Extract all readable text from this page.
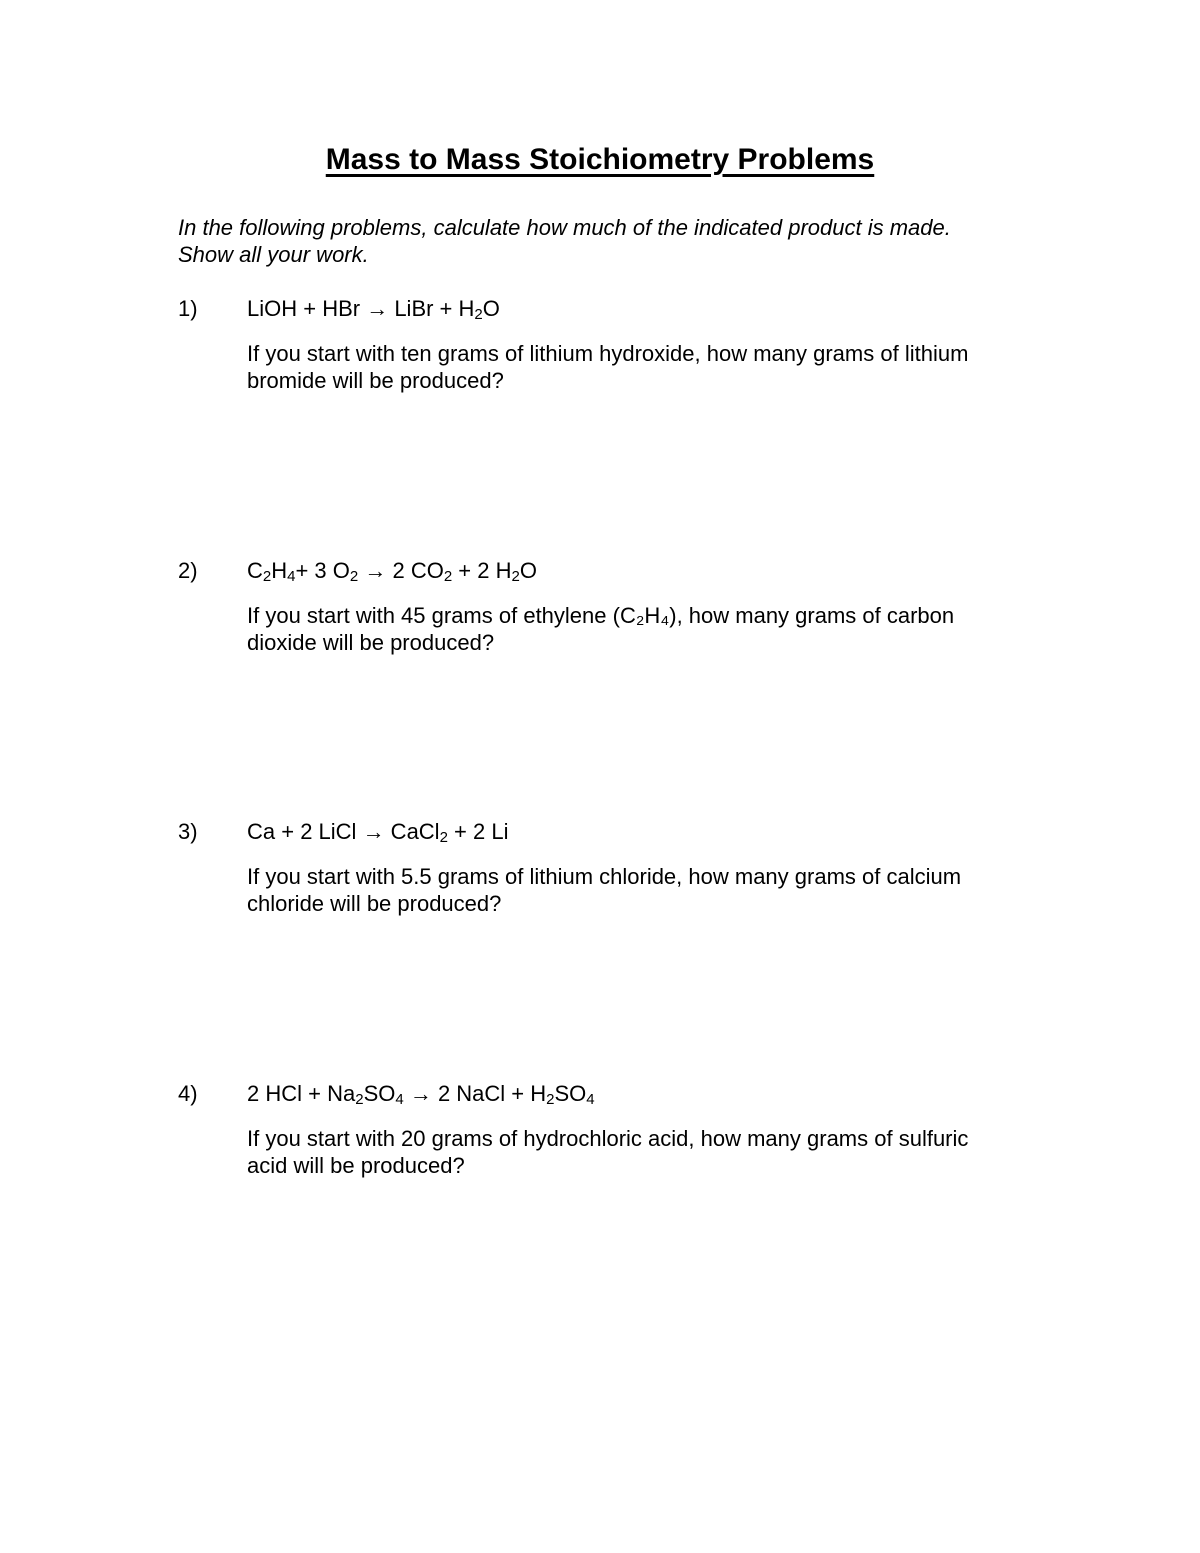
Mass to Mass Stoichiometry Problems
In the following problems, calculate how much of the indicated product is made.
Show all your work.
1) LiOH + HBr → LiBr + $H_2O$
If you start with ten grams of lithium hydroxide, how many grams of lithium
bromide will be produced?
2) $C_2H_4+ 3$ $O_2 \to 2$ $CO_2 + 2$ $H_2O$
If you start with 45 grams of ethylene (C₂H₄), how many grams of carbon
dioxide will be produced?
3) Ca + 2 LiCl → CaCl$_2$ + 2 Li
If you start with 5.5 grams of lithium chloride, how many grams of calcium
chloride will be produced?
4) 2 HCl + $Na_2SO_4 \to 2$ NaCl + $H_2SO_4$
If you start with 20 grams of hydrochloric acid, how many grams of sulfuric
acid will be produced?
